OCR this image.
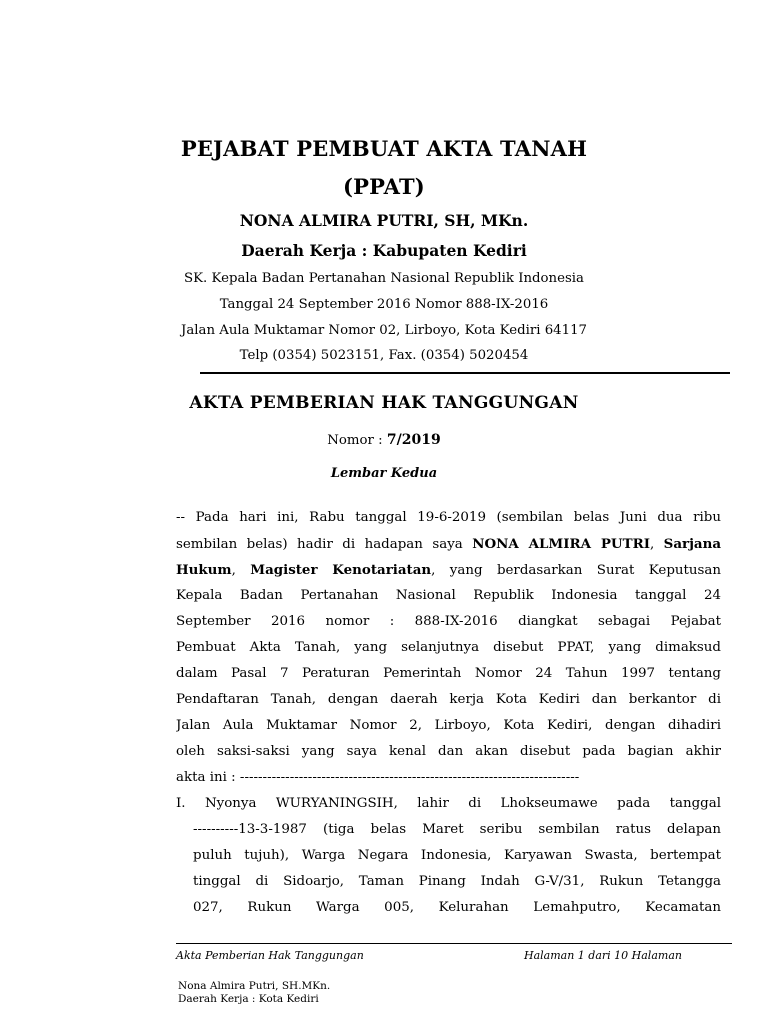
PEJABAT PEMBUAT AKTA TANAH
(PPAT)
NONA ALMIRA PUTRI, SH, MKn.
Daerah Kerja : Kabupaten Kediri
SK. Kepala Badan Pertanahan Nasional Republik Indonesia
Tanggal 24 September 2016 Nomor 888-IX-2016
Jalan Aula Muktamar Nomor 02, Lirboyo, Kota Kediri 64117
Telp (0354) 5023151, Fax. (0354) 5020454
AKTA PEMBERIAN HAK TANGGUNGAN
Nomor : 7/2019
Lembar Kedua
-- Pada hari ini, Rabu tanggal 19-6-2019 (sembilan belas Juni dua ribu
sembilan belas) hadir di hadapan saya NONA ALMIRA PUTRI, Sarjana
Hukum, Magister Kenotariatan, yang berdasarkan Surat Keputusan
Kepala Badan Pertanahan Nasional Republik Indonesia tanggal 24
September 2016 nomor : 888-IX-2016 diangkat sebagai Pejabat
Pembuat Akta Tanah, yang selanjutnya disebut PPAT, yang dimaksud
dalam Pasal 7 Peraturan Pemerintah Nomor 24 Tahun 1997 tentang
Pendaftaran Tanah, dengan daerah kerja Kota Kediri dan berkantor di
Jalan Aula Muktamar Nomor 2, Lirboyo, Kota Kediri, dengan dihadiri
oleh saksi-saksi yang saya kenal dan akan disebut pada bagian akhir
akta ini : ---------------------------------------------------------------------------
I. Nyonya WURYANINGSIH, lahir di Lhokseumawe pada tanggal
----------13-3-1987 (tiga belas Maret seribu sembilan ratus delapan
puluh tujuh), Warga Negara Indonesia, Karyawan Swasta, bertempat
tinggal di Sidoarjo, Taman Pinang Indah G-V/31, Rukun Tetangga
027, Rukun Warga 005, Kelurahan Lemahputro, Kecamatan
Akta Pemberian Hak Tanggungan	Halaman 1 dari 10 Halaman
Nona Almira Putri, SH.MKn.
Daerah Kerja : Kota Kediri
